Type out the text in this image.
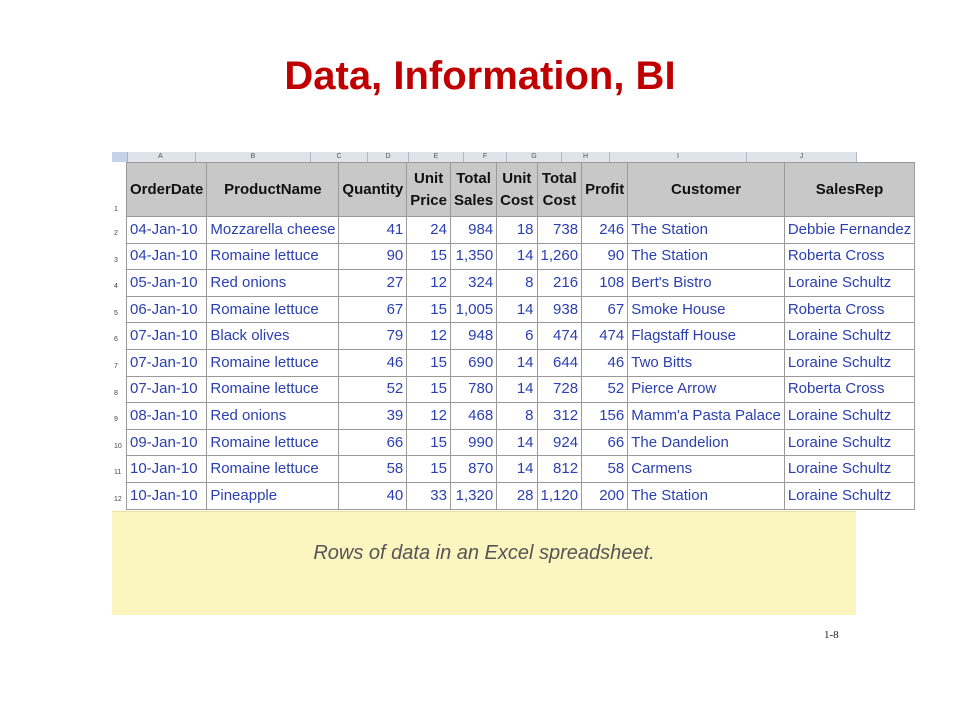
Data, Information, BI
A	B	C	D	E	F	G	H	I	J
1
2
3
4
5
6
7
8
9
10
11
12
OrderDate	ProductName	Quantity	Unit Price	Total Sales	Unit Cost	Total Cost	Profit	Customer	SalesRep
04-Jan-10	Mozzarella cheese	41	24	984	18	738	246	The Station	Debbie Fernandez
04-Jan-10	Romaine lettuce	90	15	1,350	14	1,260	90	The Station	Roberta Cross
05-Jan-10	Red onions	27	12	324	8	216	108	Bert's Bistro	Loraine Schultz
06-Jan-10	Romaine lettuce	67	15	1,005	14	938	67	Smoke House	Roberta Cross
07-Jan-10	Black olives	79	12	948	6	474	474	Flagstaff House	Loraine Schultz
07-Jan-10	Romaine lettuce	46	15	690	14	644	46	Two Bitts	Loraine Schultz
07-Jan-10	Romaine lettuce	52	15	780	14	728	52	Pierce Arrow	Roberta Cross
08-Jan-10	Red onions	39	12	468	8	312	156	Mamm'a Pasta Palace	Loraine Schultz
09-Jan-10	Romaine lettuce	66	15	990	14	924	66	The Dandelion	Loraine Schultz
10-Jan-10	Romaine lettuce	58	15	870	14	812	58	Carmens	Loraine Schultz
10-Jan-10	Pineapple	40	33	1,320	28	1,120	200	The Station	Loraine Schultz
Rows of data in an Excel spreadsheet.
1-8
